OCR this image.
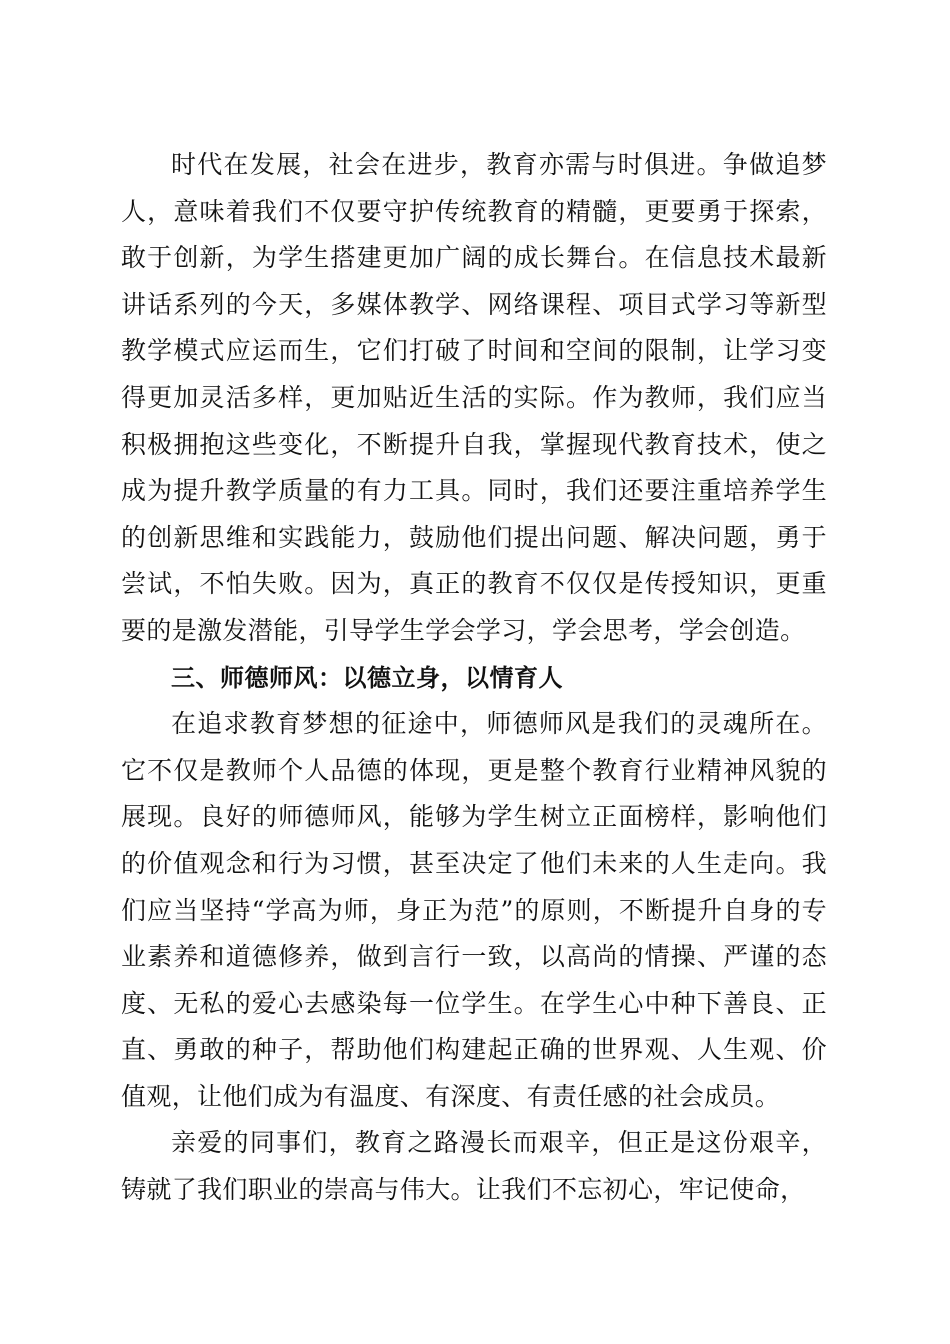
时代在发展，社会在进步，教育亦需与时俱进。争做追梦人，意味着我们不仅要守护传统教育的精髓，更要勇于探索，敢于创新，为学生搭建更加广阔的成长舞台。在信息技术最新讲话系列的今天，多媒体教学、网络课程、项目式学习等新型教学模式应运而生，它们打破了时间和空间的限制，让学习变得更加灵活多样，更加贴近生活的实际。作为教师，我们应当积极拥抱这些变化，不断提升自我，掌握现代教育技术，使之成为提升教学质量的有力工具。同时，我们还要注重培养学生的创新思维和实践能力，鼓励他们提出问题、解决问题，勇于尝试，不怕失败。因为，真正的教育不仅仅是传授知识，更重要的是激发潜能，引导学生学会学习，学会思考，学会创造。

三、师德师风：以德立身，以情育人

在追求教育梦想的征途中，师德师风是我们的灵魂所在。它不仅是教师个人品德的体现，更是整个教育行业精神风貌的展现。良好的师德师风，能够为学生树立正面榜样，影响他们的价值观念和行为习惯，甚至决定了他们未来的人生走向。我们应当坚持“学高为师，身正为范”的原则，不断提升自身的专业素养和道德修养，做到言行一致，以高尚的情操、严谨的态度、无私的爱心去感染每一位学生。在学生心中种下善良、正直、勇敢的种子，帮助他们构建起正确的世界观、人生观、价值观，让他们成为有温度、有深度、有责任感的社会成员。

亲爱的同事们，教育之路漫长而艰辛，但正是这份艰辛，铸就了我们职业的崇高与伟大。让我们不忘初心，牢记使命，
